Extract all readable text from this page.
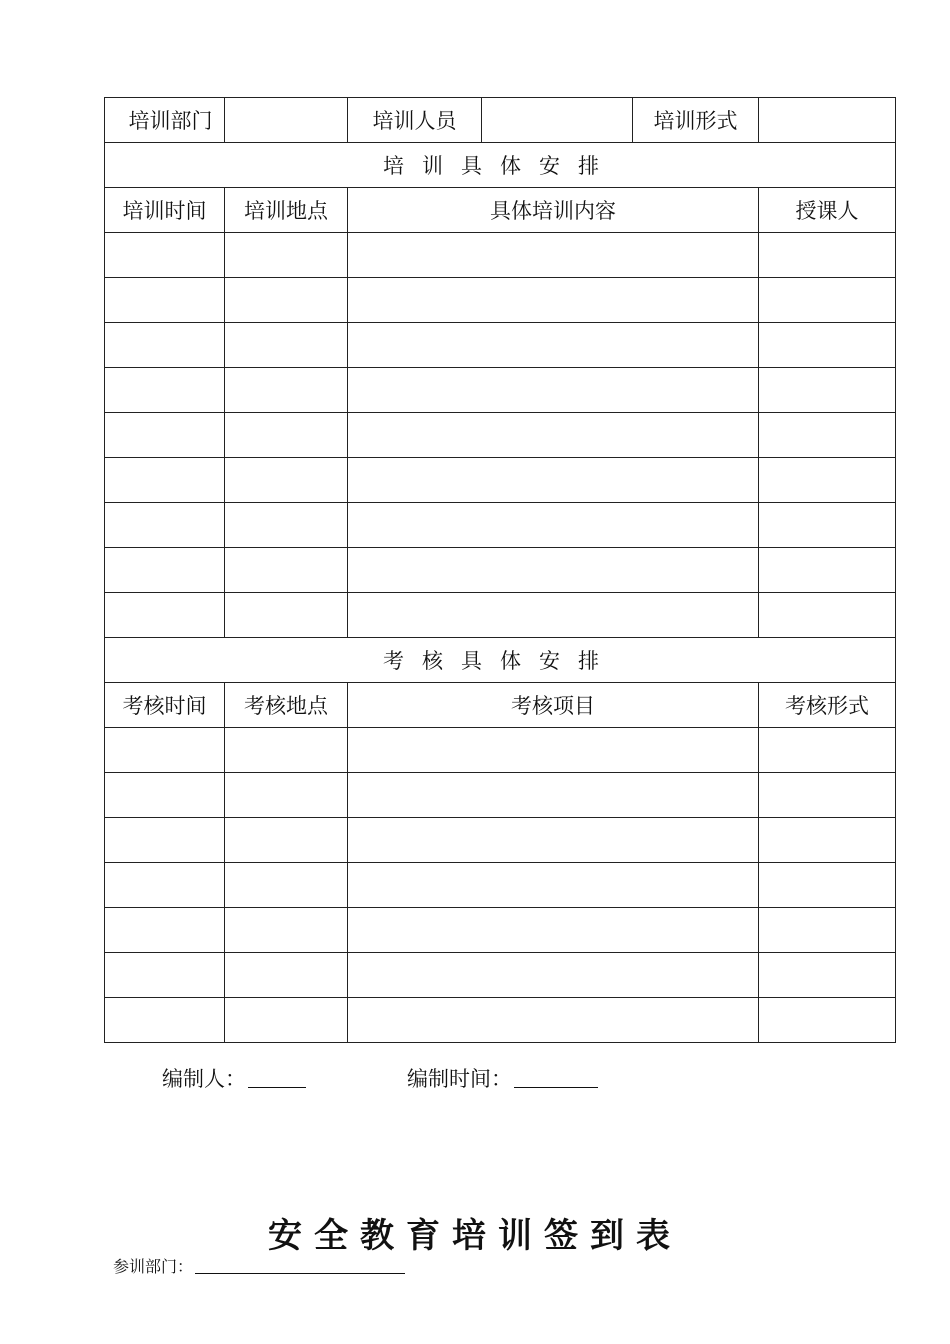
培训部门		培训人员		培训形式	
培训具体安排					
培训时间	培训地点	具体培训内容			授课人

考核具体安排					
考核时间	考核地点	考核项目			考核形式

编制人：	编制时间：
安全教育培训签到表
参训部门：
